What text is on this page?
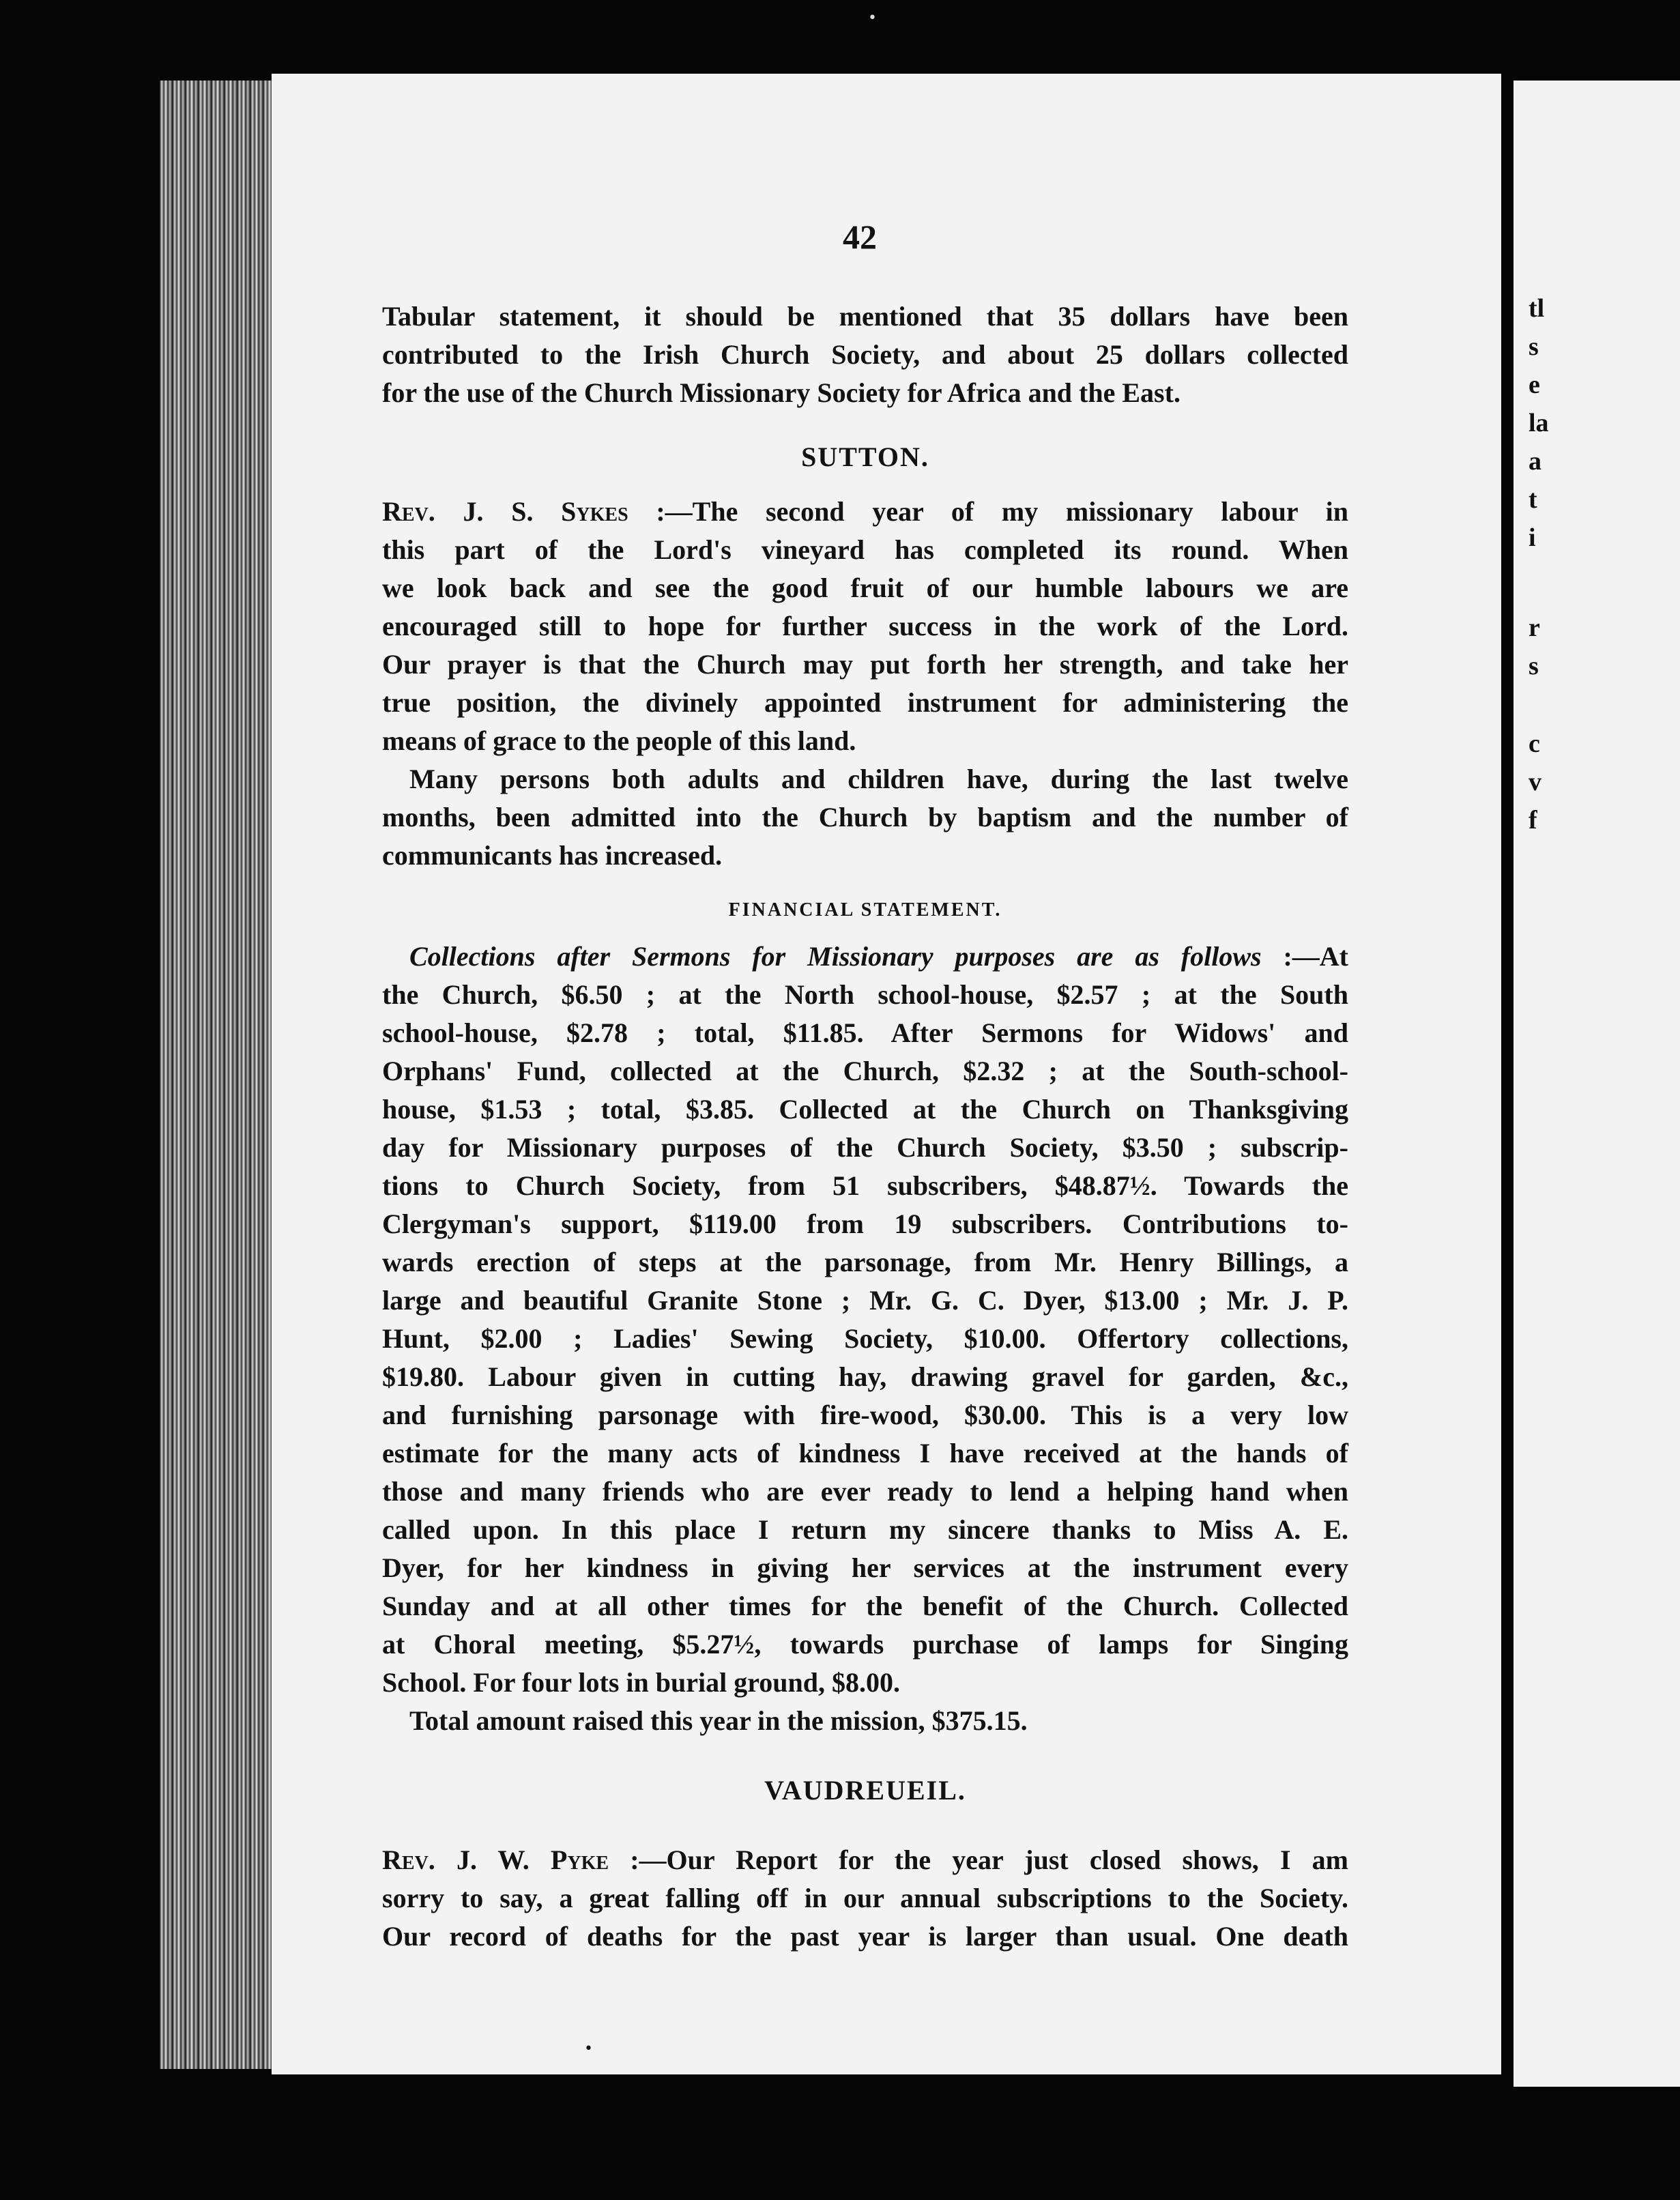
tl
s
e
la
a
t
i
r
s
c
v
f
42
Tabular statement, it should be mentioned that 35 dollars have been
contributed to the Irish Church Society, and about 25 dollars collected
for the use of the Church Missionary Society for Africa and the East.
SUTTON.
Rev. J. S. Sykes :—The second year of my missionary labour in
this part of the Lord's vineyard has completed its round. When
we look back and see the good fruit of our humble labours we are
encouraged still to hope for further success in the work of the Lord.
Our prayer is that the Church may put forth her strength, and take her
true position, the divinely appointed instrument for administering the
means of grace to the people of this land.
Many persons both adults and children have, during the last twelve
months, been admitted into the Church by baptism and the number of
communicants has increased.
FINANCIAL STATEMENT.
Collections after Sermons for Missionary purposes are as follows :—At
the Church, $6.50 ; at the North school-house, $2.57 ; at the South
school-house, $2.78 ; total, $11.85. After Sermons for Widows' and
Orphans' Fund, collected at the Church, $2.32 ; at the South-school-
house, $1.53 ; total, $3.85. Collected at the Church on Thanksgiving
day for Missionary purposes of the Church Society, $3.50 ; subscrip-
tions to Church Society, from 51 subscribers, $48.87½. Towards the
Clergyman's support, $119.00 from 19 subscribers. Contributions to-
wards erection of steps at the parsonage, from Mr. Henry Billings, a
large and beautiful Granite Stone ; Mr. G. C. Dyer, $13.00 ; Mr. J. P.
Hunt, $2.00 ; Ladies' Sewing Society, $10.00. Offertory collections,
$19.80. Labour given in cutting hay, drawing gravel for garden, &c.,
and furnishing parsonage with fire-wood, $30.00. This is a very low
estimate for the many acts of kindness I have received at the hands of
those and many friends who are ever ready to lend a helping hand when
called upon. In this place I return my sincere thanks to Miss A. E.
Dyer, for her kindness in giving her services at the instrument every
Sunday and at all other times for the benefit of the Church. Collected
at Choral meeting, $5.27½, towards purchase of lamps for Singing
School. For four lots in burial ground, $8.00.
Total amount raised this year in the mission, $375.15.
VAUDREUEIL.
Rev. J. W. Pyke :—Our Report for the year just closed shows, I am
sorry to say, a great falling off in our annual subscriptions to the Society.
Our record of deaths for the past year is larger than usual. One death
•
•
